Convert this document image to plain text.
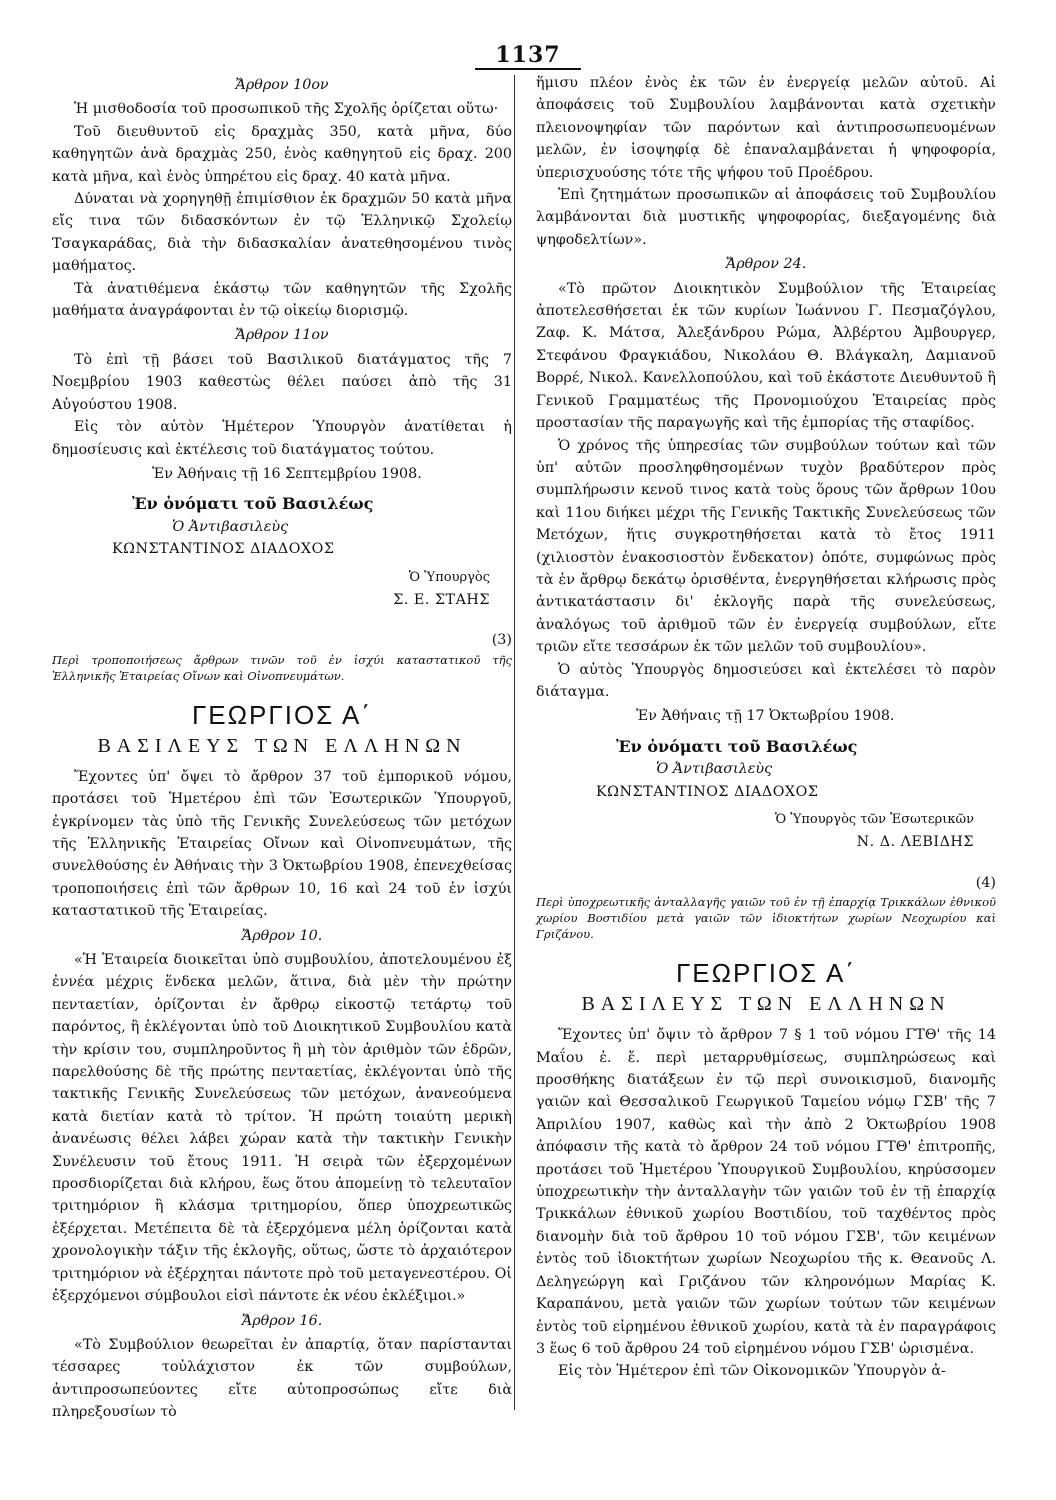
1137

Ἄρθρον 10ον

Ἡ μισθοδοσία τοῦ προσωπικοῦ τῆς Σχολῆς ὁρίζεται οὕτω·

Τοῦ διευθυντοῦ εἰς δραχμὰς 350, κατὰ μῆνα, δύο καθηγητῶν ἀνὰ δραχμὰς 250, ἑνὸς καθηγητοῦ εἰς δραχ. 200 κατὰ μῆνα, καὶ ἑνὸς ὑπηρέτου εἰς δραχ. 40 κατὰ μῆνα.

Δύναται νὰ χορηγηθῇ ἐπιμίσθιον ἐκ δραχμῶν 50 κατὰ μῆνα εἴς τινα τῶν διδασκόντων ἐν τῷ Ἑλληνικῷ Σχολείῳ Τσαγκαράδας, διὰ τὴν διδασκαλίαν ἀνατεθησομένου τινὸς μαθήματος.

Τὰ ἀνατιθέμενα ἑκάστῳ τῶν καθηγητῶν τῆς Σχολῆς μαθήματα ἀναγράφονται ἐν τῷ οἰκείῳ διορισμῷ.

Ἄρθρον 11ον

Τὸ ἐπὶ τῇ βάσει τοῦ Βασιλικοῦ διατάγματος τῆς 7 Νοεμβρίου 1903 καθεστὼς θέλει παύσει ἀπὸ τῆς 31 Αὐγούστου 1908.

Εἰς τὸν αὐτὸν Ἡμέτερον Ὑπουργὸν ἀνατίθεται ἡ δημοσίευσις καὶ ἐκτέλεσις τοῦ διατάγματος τούτου.

Ἐν Ἀθήναις τῇ 16 Σεπτεμβρίου 1908.

Ἐν ὀνόματι τοῦ Βασιλέως

Ὁ Ἀντιβασιλεὺς

ΚΩΝΣΤΑΝΤΙΝΟΣ ΔΙΑΔΟΧΟΣ

Ὁ Ὑπουργὸς

Σ. Ε. ΣΤΑΗΣ

(3)

Περὶ τροποποιήσεως ἄρθρων τινῶν τοῦ ἐν ἰσχύι καταστατικοῦ τῆς Ἑλληνικῆς Ἑταιρείας Οἴνων καὶ Οἰνοπνευμάτων.

ΓΕΩΡΓΙΟΣ Α΄

ΒΑΣΙΛΕΥΣ ΤΩΝ ΕΛΛΗΝΩΝ

Ἔχοντες ὑπ' ὄψει τὸ ἄρθρον 37 τοῦ ἐμπορικοῦ νόμου, προτάσει τοῦ Ἡμετέρου ἐπὶ τῶν Ἐσωτερικῶν Ὑπουργοῦ, ἐγκρίνομεν τὰς ὑπὸ τῆς Γενικῆς Συνελεύσεως τῶν μετόχων τῆς Ἑλληνικῆς Ἑταιρείας Οἴνων καὶ Οἰνοπνευμάτων, τῆς συνελθούσης ἐν Ἀθήναις τὴν 3 Ὀκτωβρίου 1908, ἐπενεχθείσας τροποποιήσεις ἐπὶ τῶν ἄρθρων 10, 16 καὶ 24 τοῦ ἐν ἰσχύι καταστατικοῦ τῆς Ἑταιρείας.

Ἄρθρον 10.

«Ἡ Ἑταιρεία διοικεῖται ὑπὸ συμβουλίου, ἀποτελουμένου ἐξ ἐννέα μέχρις ἕνδεκα μελῶν, ἅτινα, διὰ μὲν τὴν πρώτην πενταετίαν, ὁρίζονται ἐν ἄρθρῳ εἰκοστῷ τετάρτῳ τοῦ παρόντος, ἢ ἐκλέγονται ὑπὸ τοῦ Διοικητικοῦ Συμβουλίου κατὰ τὴν κρίσιν του, συμπληροῦντος ἢ μὴ τὸν ἀριθμὸν τῶν ἑδρῶν, παρελθούσης δὲ τῆς πρώτης πενταετίας, ἐκλέγονται ὑπὸ τῆς τακτικῆς Γενικῆς Συνελεύσεως τῶν μετόχων, ἀνανεούμενα κατὰ διετίαν κατὰ τὸ τρίτον. Ἡ πρώτη τοιαύτη μερικὴ ἀνανέωσις θέλει λάβει χώραν κατὰ τὴν τακτικὴν Γενικὴν Συνέλευσιν τοῦ ἔτους 1911. Ἡ σειρὰ τῶν ἐξερχομένων προσδιορίζεται διὰ κλήρου, ἕως ὅτου ἀπομείνῃ τὸ τελευταῖον τριτημόριον ἢ κλάσμα τριτημορίου, ὅπερ ὑποχρεωτικῶς ἐξέρχεται. Μετέπειτα δὲ τὰ ἐξερχόμενα μέλη ὁρίζονται κατὰ χρονολογικὴν τάξιν τῆς ἐκλογῆς, οὕτως, ὥστε τὸ ἀρχαιότερον τριτημόριον νὰ ἐξέρχηται πάντοτε πρὸ τοῦ μεταγενεστέρου. Οἱ ἐξερχόμενοι σύμβουλοι εἰσὶ πάντοτε ἐκ νέου ἐκλέξιμοι.»

Ἄρθρον 16.

«Τὸ Συμβούλιον θεωρεῖται ἐν ἀπαρτίᾳ, ὅταν παρίστανται τέσσαρες τοὐλάχιστον ἐκ τῶν συμβούλων, ἀντιπροσωπεύοντες εἴτε αὐτοπροσώπως εἴτε διὰ πληρεξουσίων τὸ

ἥμισυ πλέον ἑνὸς ἐκ τῶν ἐν ἐνεργείᾳ μελῶν αὐτοῦ. Αἱ ἀποφάσεις τοῦ Συμβουλίου λαμβάνονται κατὰ σχετικὴν πλειονοψηφίαν τῶν παρόντων καὶ ἀντιπροσωπευομένων μελῶν, ἐν ἰσοψηφίᾳ δὲ ἐπαναλαμβάνεται ἡ ψηφοφορία, ὑπερισχυούσης τότε τῆς ψήφου τοῦ Προέδρου.

Ἐπὶ ζητημάτων προσωπικῶν αἱ ἀποφάσεις τοῦ Συμβουλίου λαμβάνονται διὰ μυστικῆς ψηφοφορίας, διεξαγομένης διὰ ψηφοδελτίων».

Ἄρθρον 24.

«Τὸ πρῶτον Διοικητικὸν Συμβούλιον τῆς Ἑταιρείας ἀποτελεσθήσεται ἐκ τῶν κυρίων Ἰωάννου Γ. Πεσμαζόγλου, Ζαφ. Κ. Μάτσα, Ἀλεξάνδρου Ρώμα, Ἀλβέρτου Ἀμβουργερ, Στεφάνου Φραγκιάδου, Νικολάου Θ. Βλάγκαλη, Δαμιανοῦ Βορρέ, Νικολ. Κανελλοπούλου, καὶ τοῦ ἑκάστοτε Διευθυντοῦ ἢ Γενικοῦ Γραμματέως τῆς Προνομιούχου Ἑταιρείας πρὸς προστασίαν τῆς παραγωγῆς καὶ τῆς ἐμπορίας τῆς σταφίδος.

Ὁ χρόνος τῆς ὑπηρεσίας τῶν συμβούλων τούτων καὶ τῶν ὑπ' αὐτῶν προσληφθησομένων τυχὸν βραδύτερον πρὸς συμπλήρωσιν κενοῦ τινος κατὰ τοὺς ὅρους τῶν ἄρθρων 10ου καὶ 11ου διήκει μέχρι τῆς Γενικῆς Τακτικῆς Συνελεύσεως τῶν Μετόχων, ἥτις συγκροτηθήσεται κατὰ τὸ ἔτος 1911 (χιλιοστὸν ἐνακοσιοστὸν ἕνδεκατον) ὁπότε, συμφώνως πρὸς τὰ ἐν ἄρθρῳ δεκάτῳ ὁρισθέντα, ἐνεργηθήσεται κλήρωσις πρὸς ἀντικατάστασιν δι' ἐκλογῆς παρὰ τῆς συνελεύσεως, ἀναλόγως τοῦ ἀριθμοῦ τῶν ἐν ἐνεργείᾳ συμβούλων, εἴτε τριῶν εἴτε τεσσάρων ἐκ τῶν μελῶν τοῦ συμβουλίου».

Ὁ αὐτὸς Ὑπουργὸς δημοσιεύσει καὶ ἐκτελέσει τὸ παρὸν διάταγμα.

Ἐν Ἀθήναις τῇ 17 Ὀκτωβρίου 1908.

Ἐν ὀνόματι τοῦ Βασιλέως

Ὁ Ἀντιβασιλεὺς

ΚΩΝΣΤΑΝΤΙΝΟΣ ΔΙΑΔΟΧΟΣ

Ὁ Ὑπουργὸς τῶν Ἐσωτερικῶν

Ν. Δ. ΛΕΒΙΔΗΣ

(4)

Περὶ ὑποχρεωτικῆς ἀνταλλαγῆς γαιῶν τοῦ ἐν τῇ ἐπαρχίᾳ Τρικκάλων ἐθνικοῦ χωρίου Βοστιδίου μετὰ γαιῶν τῶν ἰδιοκτήτων χωρίων Νεοχωρίου καὶ Γριζάνου.

ΓΕΩΡΓΙΟΣ Α΄

ΒΑΣΙΛΕΥΣ ΤΩΝ ΕΛΛΗΝΩΝ

Ἔχοντες ὑπ' ὄψιν τὸ ἄρθρον 7 § 1 τοῦ νόμου ΓΤΘ' τῆς 14 Μαΐου ἐ. ἔ. περὶ μεταρρυθμίσεως, συμπληρώσεως καὶ προσθήκης διατάξεων ἐν τῷ περὶ συνοικισμοῦ, διανομῆς γαιῶν καὶ Θεσσαλικοῦ Γεωργικοῦ Ταμείου νόμῳ ΓΣΒ' τῆς 7 Ἀπριλίου 1907, καθὼς καὶ τὴν ἀπὸ 2 Ὀκτωβρίου 1908 ἀπόφασιν τῆς κατὰ τὸ ἄρθρον 24 τοῦ νόμου ΓΤΘ' ἐπιτροπῆς, προτάσει τοῦ Ἡμετέρου Ὑπουργικοῦ Συμβουλίου, κηρύσσομεν ὑποχρεωτικὴν τὴν ἀνταλλαγὴν τῶν γαιῶν τοῦ ἐν τῇ ἐπαρχίᾳ Τρικκάλων ἐθνικοῦ χωρίου Βοστιδίου, τοῦ ταχθέντος πρὸς διανομὴν διὰ τοῦ ἄρθρου 10 τοῦ νόμου ΓΣΒ', τῶν κειμένων ἐντὸς τοῦ ἰδιοκτήτων χωρίων Νεοχωρίου τῆς κ. Θεανοῦς Λ. Δεληγεώργη καὶ Γριζάνου τῶν κληρονόμων Μαρίας Κ. Καραπάνου, μετὰ γαιῶν τῶν χωρίων τούτων τῶν κειμένων ἐντὸς τοῦ εἰρημένου ἐθνικοῦ χωρίου, κατὰ τὰ ἐν παραγράφοις 3 ἕως 6 τοῦ ἄρθρου 24 τοῦ εἰρημένου νόμου ΓΣΒ' ὡρισμένα.

Εἰς τὸν Ἡμέτερον ἐπὶ τῶν Οἰκονομικῶν Ὑπουργὸν ἀ-
